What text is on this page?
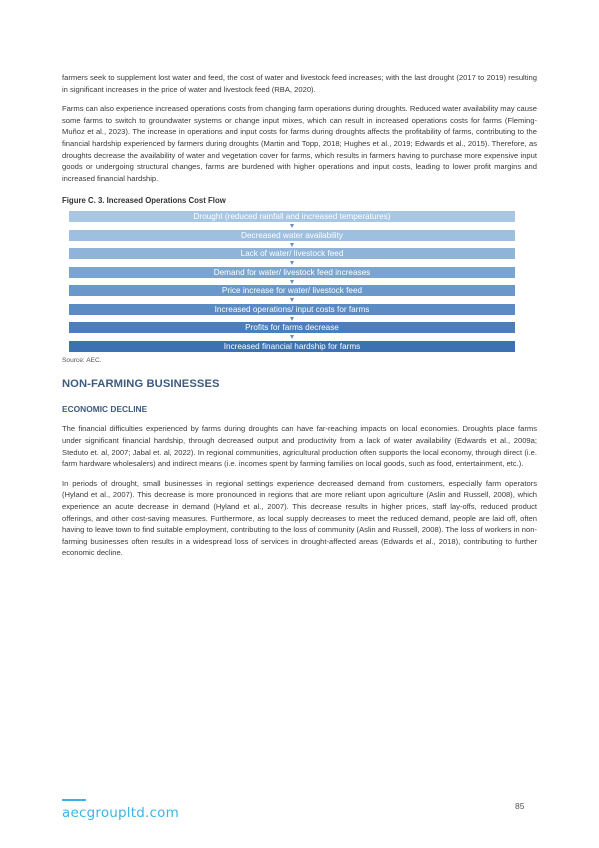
farmers seek to supplement lost water and feed, the cost of water and livestock feed increases; with the last drought (2017 to 2019) resulting in significant increases in the price of water and livestock feed (RBA, 2020).

Farms can also experience increased operations costs from changing farm operations during droughts. Reduced water availability may cause some farms to switch to groundwater systems or change input mixes, which can result in increased operations costs for farms (Fleming-Muñoz et al., 2023). The increase in operations and input costs for farms during droughts affects the profitability of farms, contributing to the financial hardship experienced by farmers during droughts (Martin and Topp, 2018; Hughes et al., 2019; Edwards et al., 2015). Therefore, as droughts decrease the availability of water and vegetation cover for farms, which results in farmers having to purchase more expensive input goods or undergoing structural changes, farms are burdened with higher operations and input costs, leading to lower profit margins and increased financial hardship.

Figure C. 3. Increased Operations Cost Flow
Drought (reduced rainfall and increased temperatures)
Decreased water availability
Lack of water/ livestock feed
Demand for water/ livestock feed increases
Price increase for water/ livestock feed
Increased operations/ input costs for farms
Profits for farms decrease
Increased financial hardship for farms
Source: AEC.
NON-FARMING BUSINESSES
ECONOMIC DECLINE

The financial difficulties experienced by farms during droughts can have far-reaching impacts on local economies. Droughts place farms under significant financial hardship, through decreased output and productivity from a lack of water availability (Edwards et al., 2009a; Steduto et. al, 2007; Jabal et. al, 2022). In regional communities, agricultural production often supports the local economy, through direct (i.e. farm hardware wholesalers) and indirect means (i.e. incomes spent by farming families on local goods, such as food, entertainment, etc.).

In periods of drought, small businesses in regional settings experience decreased demand from customers, especially farm operators (Hyland et al., 2007). This decrease is more pronounced in regions that are more reliant upon agriculture (Aslin and Russell, 2008), which experience an acute decrease in demand (Hyland et al., 2007). This decrease results in higher prices, staff lay-offs, reduced product offerings, and other cost-saving measures. Furthermore, as local supply decreases to meet the reduced demand, people are laid off, often having to leave town to find suitable employment, contributing to the loss of community (Aslin and Russell, 2008). The loss of workers in non-farming businesses often results in a widespread loss of services in drought-affected areas (Edwards et al., 2018), contributing to further economic decline.

aecgroupltd.com	85
